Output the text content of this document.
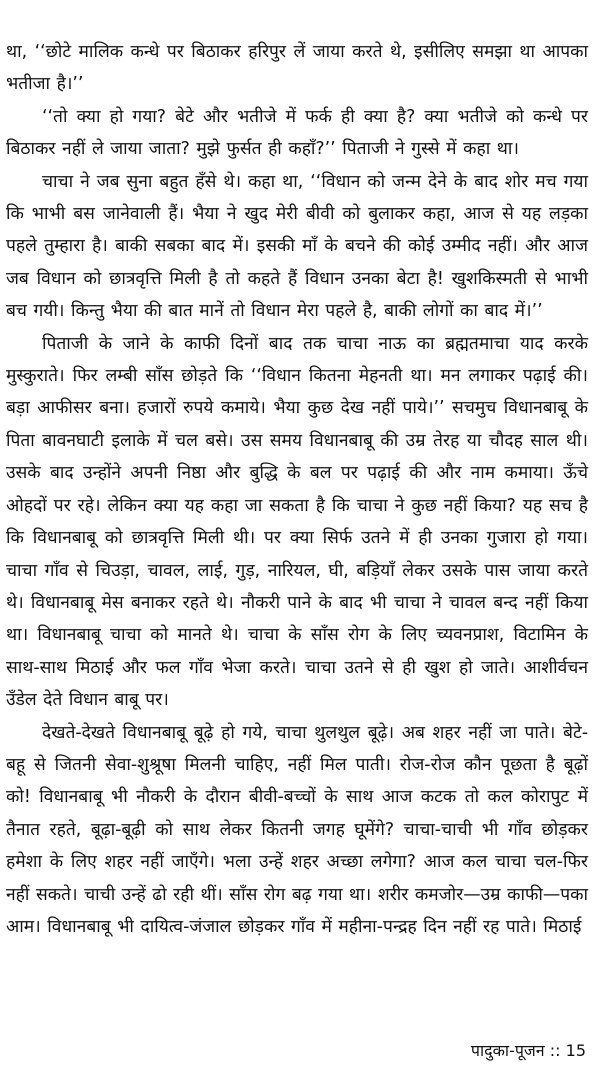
था, ‘‘छोटे मालिक कन्धे पर बिठाकर हरिपुर लें जाया करते थे, इसीलिए समझा था आपका भतीजा है।’’

‘‘तो क्या हो गया? बेटे और भतीजे में फर्क ही क्या है? क्या भतीजे को कन्धे पर बिठाकर नहीं ले जाया जाता? मुझे फुर्सत ही कहाँ?’’ पिताजी ने गुस्से में कहा था।

चाचा ने जब सुना बहुत हँसे थे। कहा था, ‘‘विधान को जन्म देने के बाद शोर मच गया कि भाभी बस जानेवाली हैं। भैया ने खुद मेरी बीवी को बुलाकर कहा, आज से यह लड़का पहले तुम्हारा है। बाकी सबका बाद में। इसकी माँ के बचने की कोई उम्मीद नहीं। और आज जब विधान को छात्रवृत्ति मिली है तो कहते हैं विधान उनका बेटा है! खुशकिस्मती से भाभी बच गयी। किन्तु भैया की बात मानें तो विधान मेरा पहले है, बाकी लोगों का बाद में।’’

पिताजी के जाने के काफी दिनों बाद तक चाचा नाऊ का ब्रह्मतमाचा याद करके मुस्कुराते। फिर लम्बी साँस छोड़ते कि ‘‘विधान कितना मेहनती था। मन लगाकर पढ़ाई की। बड़ा आफीसर बना। हजारों रुपये कमाये। भैया कुछ देख नहीं पाये।’’ सचमुच विधानबाबू के पिता बावनघाटी इलाके में चल बसे। उस समय विधानबाबू की उम्र तेरह या चौदह साल थी। उसके बाद उन्होंने अपनी निष्ठा और बुद्धि के बल पर पढ़ाई की और नाम कमाया। ऊँचे ओहदों पर रहे। लेकिन क्या यह कहा जा सकता है कि चाचा ने कुछ नहीं किया? यह सच है कि विधानबाबू को छात्रवृत्ति मिली थी। पर क्या सिर्फ उतने में ही उनका गुजारा हो गया। चाचा गाँव से चिउड़ा, चावल, लाई, गुड़, नारियल, घी, बड़ियाँ लेकर उसके पास जाया करते थे। विधानबाबू मेस बनाकर रहते थे। नौकरी पाने के बाद भी चाचा ने चावल बन्द नहीं किया था। विधानबाबू चाचा को मानते थे। चाचा के साँस रोग के लिए च्यवनप्राश, विटामिन के साथ-साथ मिठाई और फल गाँव भेजा करते। चाचा उतने से ही खुश हो जाते। आशीर्वचन उँडेल देते विधान बाबू पर।

देखते-देखते विधानबाबू बूढ़े हो गये, चाचा थुलथुल बूढ़े। अब शहर नहीं जा पाते। बेटे-बहू से जितनी सेवा-शुश्रूषा मिलनी चाहिए, नहीं मिल पाती। रोज-रोज कौन पूछता है बूढ़ों को! विधानबाबू भी नौकरी के दौरान बीवी-बच्चों के साथ आज कटक तो कल कोरापुट में तैनात रहते, बूढ़ा-बूढ़ी को साथ लेकर कितनी जगह घूमेंगे? चाचा-चाची भी गाँव छोड़कर हमेशा के लिए शहर नहीं जाएँगे। भला उन्हें शहर अच्छा लगेगा? आज कल चाचा चल-फिर नहीं सकते। चाची उन्हें ढो रही थीं। साँस रोग बढ़ गया था। शरीर कमजोर—उम्र काफी—पका आम। विधानबाबू भी दायित्व-जंजाल छोड़कर गाँव में महीना-पन्द्रह दिन नहीं रह पाते। मिठाई

पादुका-पूजन :: 15
